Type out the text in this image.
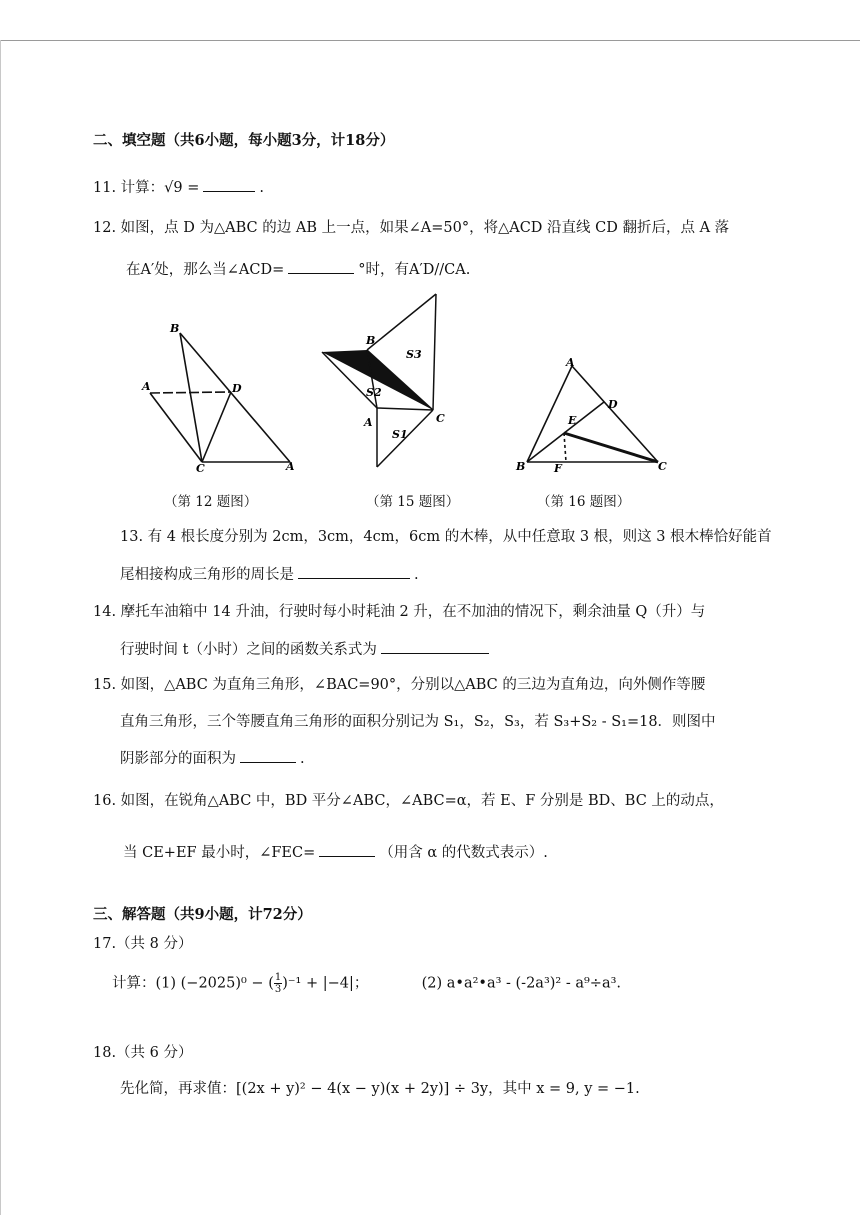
二、填空题（共6小题，每小题3分，计18分）
11. 计算：√9 =	.
12. 如图，点 D 为△ABC 的边 AB 上一点，如果∠A=50°，将△ACD 沿直线 CD 翻折后，点 A 落
在A′处，那么当∠ACD=	°时，有A′D//CA.
B
A	D
C	A
（第 12 题图）
B
S3
S2
A	C
S1
（第 15 题图）
A
D
E
B	F	C
（第 16 题图）
13. 有 4 根长度分别为 2cm，3cm，4cm，6cm 的木棒，从中任意取 3 根，则这 3 根木棒恰好能首
尾相接构成三角形的周长是	.
14. 摩托车油箱中 14 升油，行驶时每小时耗油 2 升，在不加油的情况下，剩余油量 Q（升）与
行驶时间 t（小时）之间的函数关系式为
15. 如图，△ABC 为直角三角形，∠BAC=90°，分别以△ABC 的三边为直角边，向外侧作等腰
直角三角形，三个等腰直角三角形的面积分别记为 S₁，S₂，S₃，若 S₃+S₂ - S₁=18．则图中
阴影部分的面积为	.
16. 如图，在锐角△ABC 中，BD 平分∠ABC，∠ABC=α，若 E、F 分别是 BD、BC 上的动点，
当 CE+EF 最小时，∠FEC=	（用含 α 的代数式表示）.
三、解答题（共9小题，计72分）
17.（共 8 分）
计算：(1) (−2025)⁰ − ( $\frac{1}{3} )^{-1} + |-4|$；	(2) a•a²•a³ - (-2a³)² - a⁹÷a³.
18.（共 6 分）
先化简，再求值：[(2x + y)² − 4(x − y)(x + 2y)] ÷ 3y，其中 x = 9, y = −1.
